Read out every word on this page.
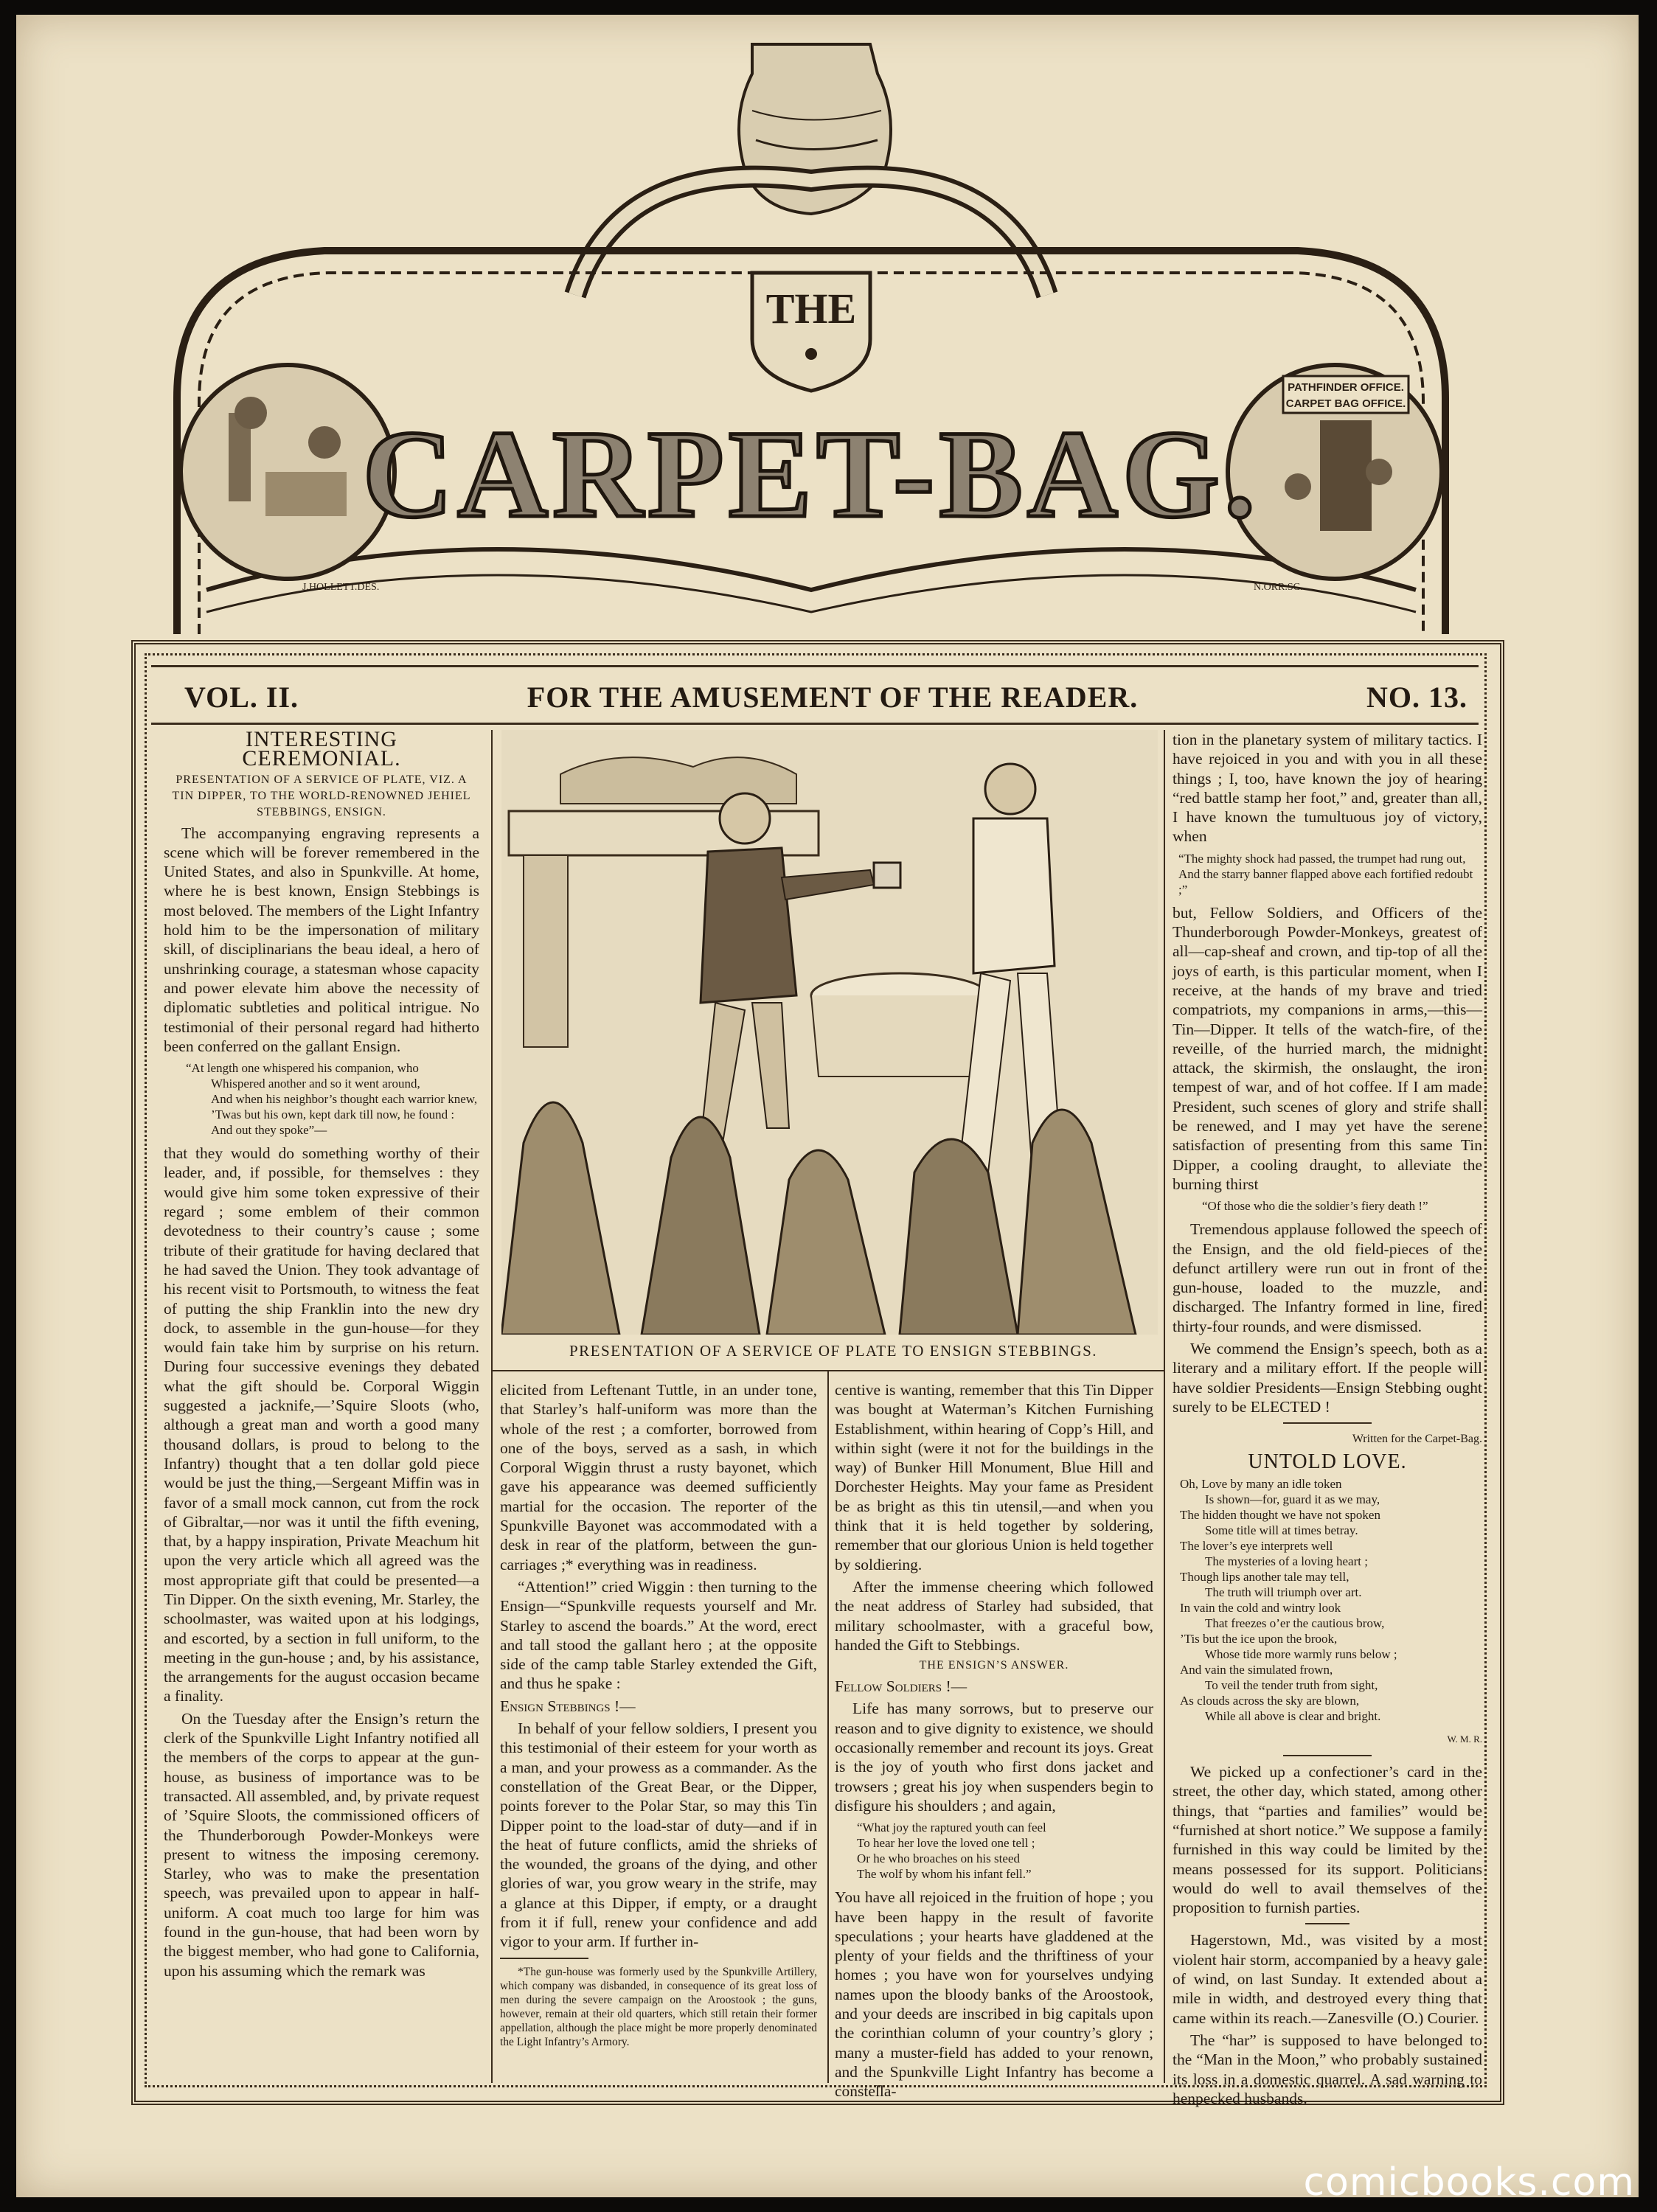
PATHFINDER OFFICE.
CARPET BAG OFFICE.
THE
CARPET-BAG.
J.HOLLETT.DES.	N.ORR.SC.
VOL. II.	FOR THE AMUSEMENT OF THE READER.	NO. 13.

INTERESTING CEREMONIAL.

PRESENTATION OF A SERVICE OF PLATE, VIZ. A TIN DIPPER, TO THE WORLD-RENOWNED JEHIEL STEBBINGS, ENSIGN.

The accompanying engraving represents a scene which will be forever remembered in the United States, and also in Spunkville. At home, where he is best known, Ensign Stebbings is most beloved. The members of the Light Infantry hold him to be the impersonation of military skill, of disciplinarians the beau ideal, a hero of unshrinking courage, a statesman whose capacity and power elevate him above the necessity of diplomatic subtleties and political intrigue. No testimonial of their personal regard had hitherto been conferred on the gallant Ensign.

“At length one whispered his companion, who
Whispered another and so it went around,
And when his neighbor’s thought each warrior knew,
’Twas but his own, kept dark till now, he found :
And out they spoke”—

that they would do something worthy of their leader, and, if possible, for themselves : they would give him some token expressive of their regard ; some emblem of their common devotedness to their country’s cause ; some tribute of their gratitude for having declared that he had saved the Union. They took advantage of his recent visit to Portsmouth, to witness the feat of putting the ship Franklin into the new dry dock, to assemble in the gun-house—for they would fain take him by surprise on his return. During four successive evenings they debated what the gift should be. Corporal Wiggin suggested a jacknife,—’Squire Sloots (who, although a great man and worth a good many thousand dollars, is proud to belong to the Infantry) thought that a ten dollar gold piece would be just the thing,—Sergeant Miffin was in favor of a small mock cannon, cut from the rock of Gibraltar,—nor was it until the fifth evening, that, by a happy inspiration, Private Meachum hit upon the very article which all agreed was the most appropriate gift that could be presented—a Tin Dipper. On the sixth evening, Mr. Starley, the schoolmaster, was waited upon at his lodgings, and escorted, by a section in full uniform, to the meeting in the gun-house ; and, by his assistance, the arrangements for the august occasion became a finality.

On the Tuesday after the Ensign’s return the clerk of the Spunkville Light Infantry notified all the members of the corps to appear at the gun-house, as business of importance was to be transacted. All assembled, and, by private request of ’Squire Sloots, the commissioned officers of the Thunderborough Powder-Monkeys were present to witness the imposing ceremony. Starley, who was to make the presentation speech, was prevailed upon to appear in half-uniform. A coat much too large for him was found in the gun-house, that had been worn by the biggest member, who had gone to California, upon his assuming which the remark was

PRESENTATION OF A SERVICE OF PLATE TO ENSIGN STEBBINGS.

elicited from Leftenant Tuttle, in an under tone, that Starley’s half-uniform was more than the whole of the rest ; a comforter, borrowed from one of the boys, served as a sash, in which Corporal Wiggin thrust a rusty bayonet, which gave his appearance was deemed sufficiently martial for the occasion. The reporter of the Spunkville Bayonet was accommodated with a desk in rear of the platform, between the gun-carriages ;* everything was in readiness.

“Attention!” cried Wiggin : then turning to the Ensign—“Spunkville requests yourself and Mr. Starley to ascend the boards.” At the word, erect and tall stood the gallant hero ; at the opposite side of the camp table Starley extended the Gift, and thus he spake :

Ensign Stebbings !—

In behalf of your fellow soldiers, I present you this testimonial of their esteem for your worth as a man, and your prowess as a commander. As the constellation of the Great Bear, or the Dipper, points forever to the Polar Star, so may this Tin Dipper point to the load-star of duty—and if in the heat of future conflicts, amid the shrieks of the wounded, the groans of the dying, and other glories of war, you grow weary in the strife, may a glance at this Dipper, if empty, or a draught from it if full, renew your confidence and add vigor to your arm. If further in-

*The gun-house was formerly used by the Spunkville Artillery, which company was disbanded, in consequence of its great loss of men during the severe campaign on the Aroostook ; the guns, however, remain at their old quarters, which still retain their former appellation, although the place might be more properly denominated the Light Infantry’s Armory.

centive is wanting, remember that this Tin Dipper was bought at Waterman’s Kitchen Furnishing Establishment, within hearing of Copp’s Hill, and within sight (were it not for the buildings in the way) of Bunker Hill Monument, Blue Hill and Dorchester Heights. May your fame as President be as bright as this tin utensil,—and when you think that it is held together by soldering, remember that our glorious Union is held together by soldiering.

After the immense cheering which followed the neat address of Starley had subsided, that military schoolmaster, with a graceful bow, handed the Gift to Stebbings.

THE ENSIGN’S ANSWER.

Fellow Soldiers !—

Life has many sorrows, but to preserve our reason and to give dignity to existence, we should occasionally remember and recount its joys. Great is the joy of youth who first dons jacket and trowsers ; great his joy when suspenders begin to disfigure his shoulders ; and again,

“What joy the raptured youth can feel
To hear her love the loved one tell ;
Or he who broaches on his steed
The wolf by whom his infant fell.”

You have all rejoiced in the fruition of hope ; you have been happy in the result of favorite speculations ; your hearts have gladdened at the plenty of your fields and the thriftiness of your homes ; you have won for yourselves undying names upon the bloody banks of the Aroostook, and your deeds are inscribed in big capitals upon the corinthian column of your country’s glory ; many a muster-field has added to your renown, and the Spunkville Light Infantry has become a constella-

tion in the planetary system of military tactics. I have rejoiced in you and with you in all these things ; I, too, have known the joy of hearing “red battle stamp her foot,” and, greater than all, I have known the tumultuous joy of victory, when

“The mighty shock had passed, the trumpet had rung out,
And the starry banner flapped above each fortified redoubt ;”

but, Fellow Soldiers, and Officers of the Thunderborough Powder-Monkeys, greatest of all—cap-sheaf and crown, and tip-top of all the joys of earth, is this particular moment, when I receive, at the hands of my brave and tried compatriots, my companions in arms,—this—Tin—Dipper. It tells of the watch-fire, of the reveille, of the hurried march, the midnight attack, the skirmish, the onslaught, the iron tempest of war, and of hot coffee. If I am made President, such scenes of glory and strife shall be renewed, and I may yet have the serene satisfaction of presenting from this same Tin Dipper, a cooling draught, to alleviate the burning thirst

“Of those who die the soldier’s fiery death !”

Tremendous applause followed the speech of the Ensign, and the old field-pieces of the defunct artillery were run out in front of the gun-house, loaded to the muzzle, and discharged. The Infantry formed in line, fired thirty-four rounds, and were dismissed.

We commend the Ensign’s speech, both as a literary and a military effort. If the people will have soldier Presidents—Ensign Stebbing ought surely to be ELECTED !

Written for the Carpet-Bag.

UNTOLD LOVE.

Oh, Love by many an idle token
Is shown—for, guard it as we may,
The hidden thought we have not spoken
Some title will at times betray.
The lover’s eye interprets well
The mysteries of a loving heart ;
Though lips another tale may tell,
The truth will triumph over art.
In vain the cold and wintry look
That freezes o’er the cautious brow,
’Tis but the ice upon the brook,
Whose tide more warmly runs below ;
And vain the simulated frown,
To veil the tender truth from sight,
As clouds across the sky are blown,
While all above is clear and bright.

W. M. R.

We picked up a confectioner’s card in the street, the other day, which stated, among other things, that “parties and families” would be “furnished at short notice.” We suppose a family furnished in this way could be limited by the means possessed for its support. Politicians would do well to avail themselves of the proposition to furnish parties.

Hagerstown, Md., was visited by a most violent hair storm, accompanied by a heavy gale of wind, on last Sunday. It extended about a mile in width, and destroyed every thing that came within its reach.—Zanesville (O.) Courier.

The “har” is supposed to have belonged to the “Man in the Moon,” who probably sustained its loss in a domestic quarrel. A sad warning to henpecked husbands.

comicbooks.com
